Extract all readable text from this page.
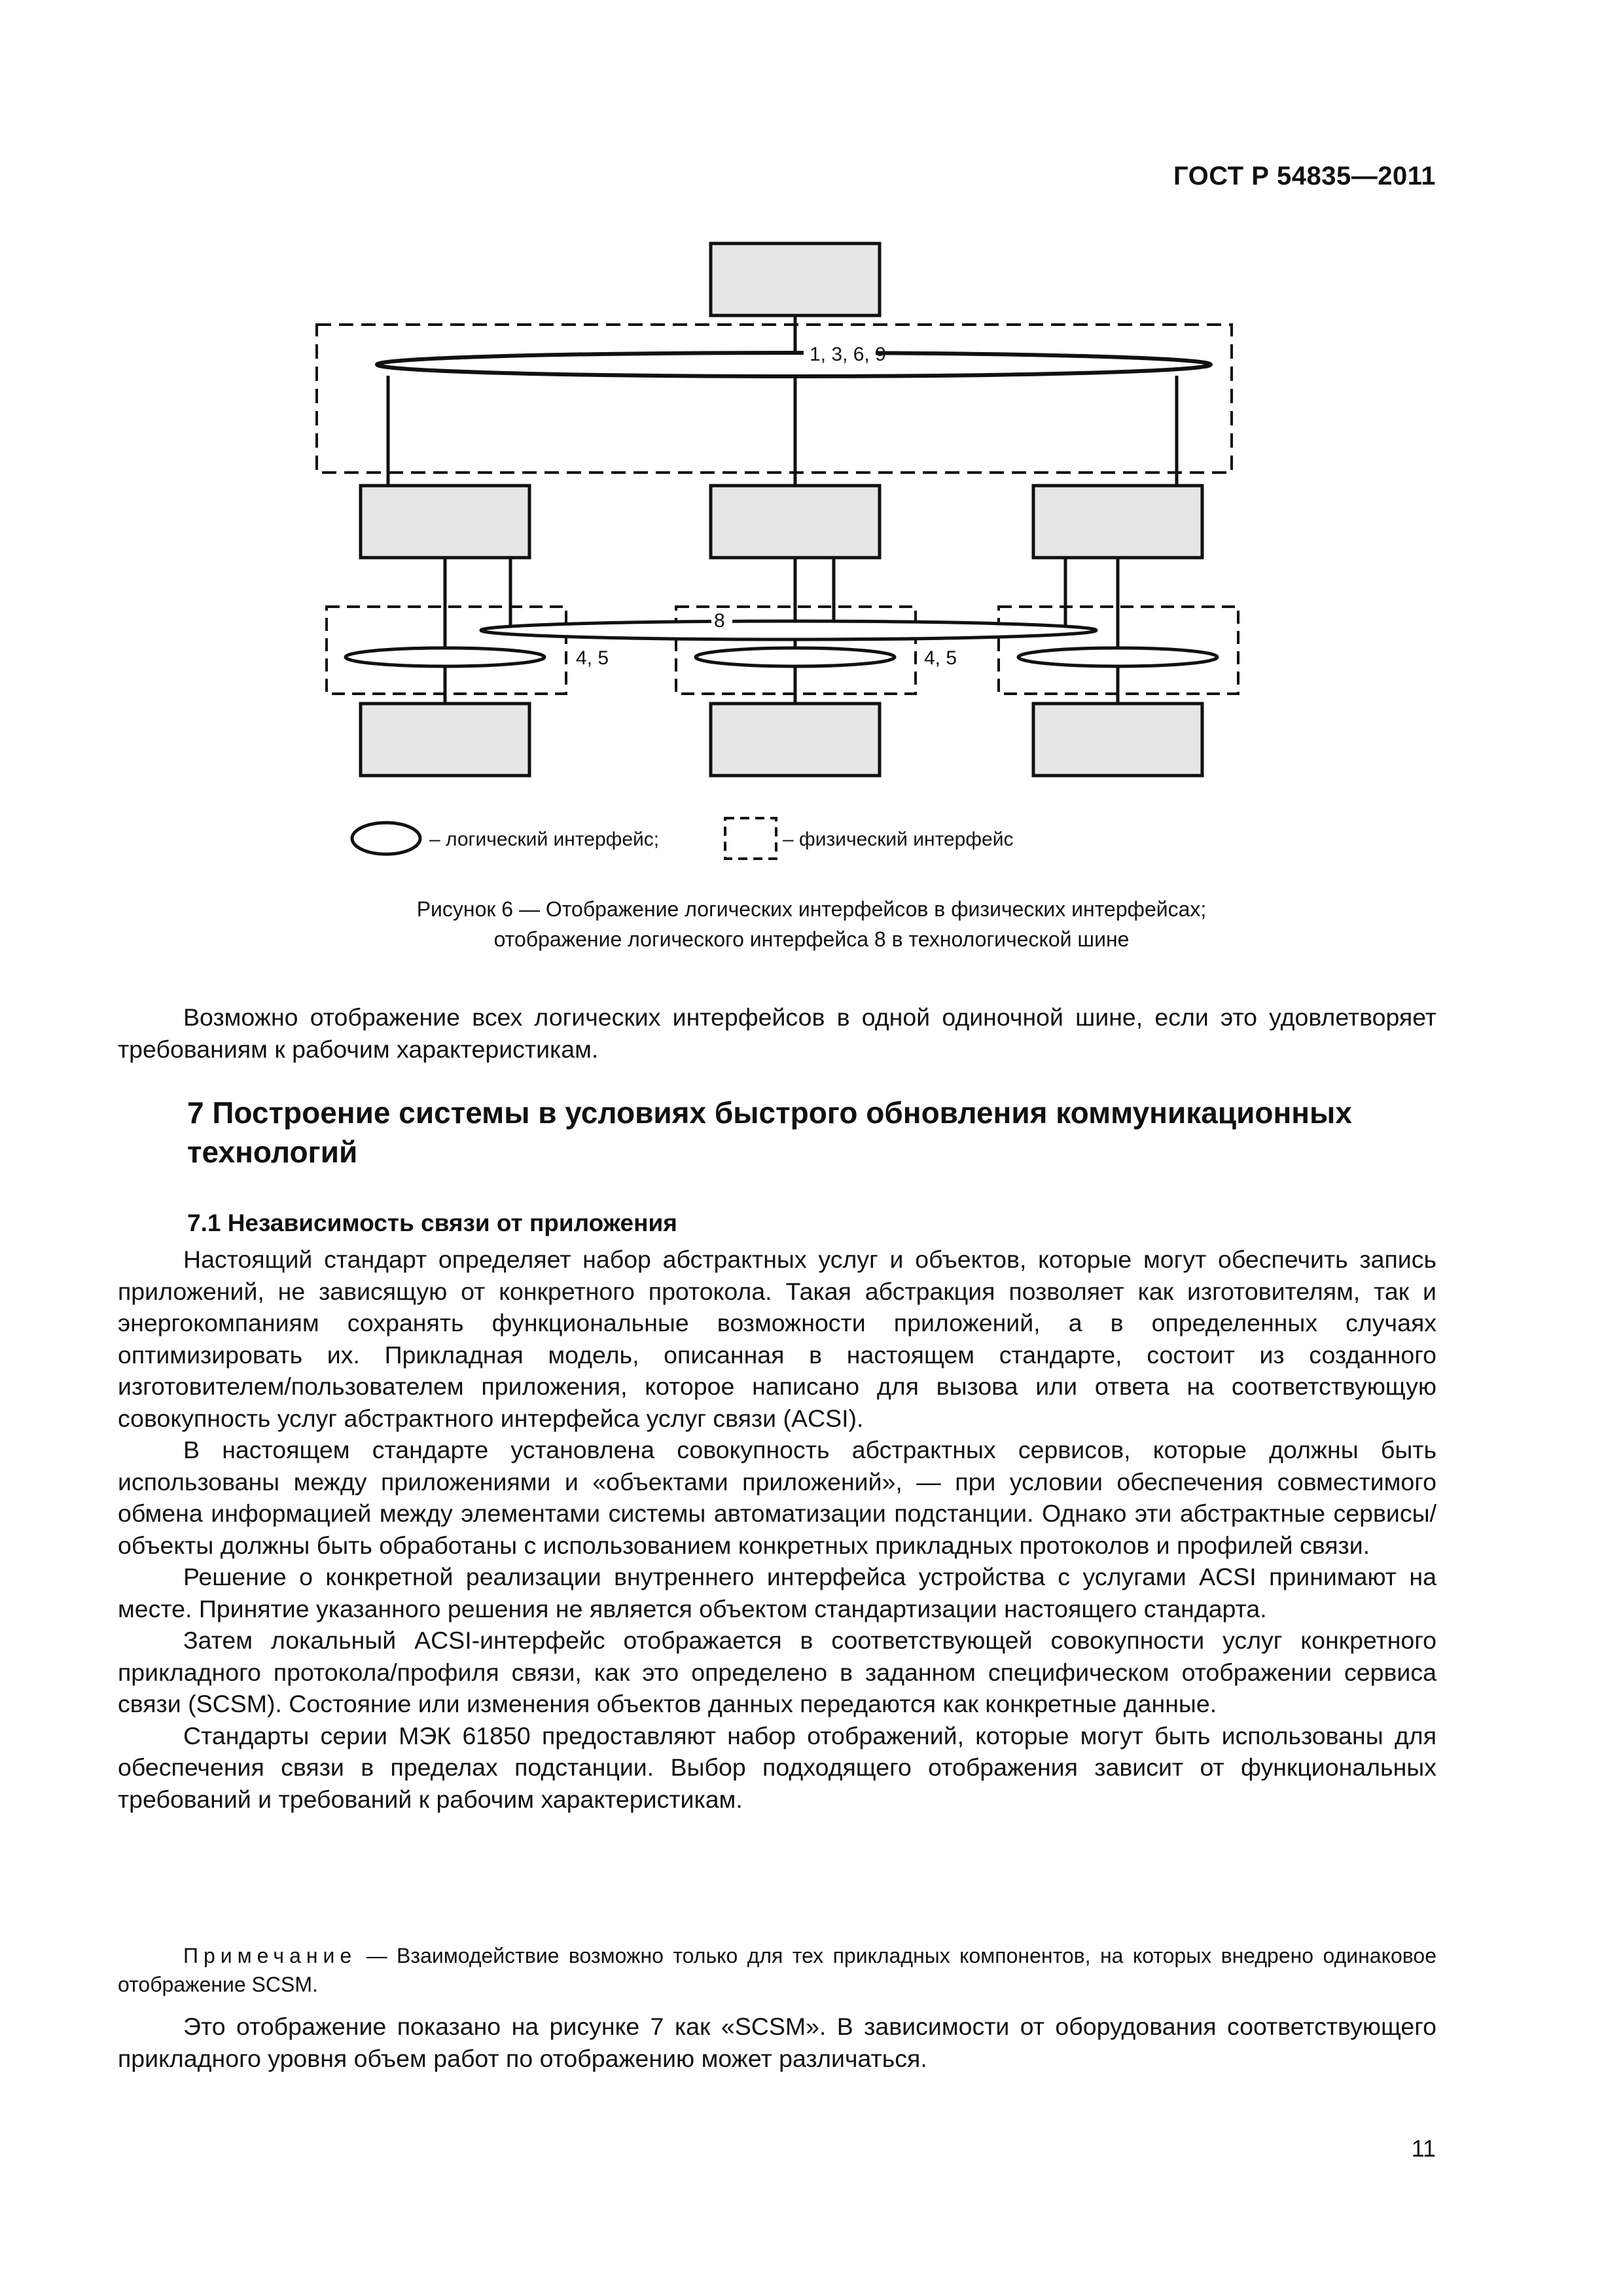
ГОСТ Р 54835—2011
1, 3, 6, 9
8
4, 5	4, 5
– логический интерфейс;	– физический интерфейс
Рисунок 6 — Отображение логических интерфейсов в физических интерфейсах;
отображение логического интерфейса 8 в технологической шине

Возможно отображение всех логических интерфейсов в одной одиночной шине, если это удовлетворяет требованиям к рабочим характеристикам.

7 Построение системы в условиях быстрого обновления коммуникационных технологий
7.1 Независимость связи от приложения

Настоящий стандарт определяет набор абстрактных услуг и объектов, которые могут обеспечить запись приложений, не зависящую от конкретного протокола. Такая абстракция позволяет как изготовителям, так и энергокомпаниям сохранять функциональные возможности приложений, а в определенных случаях оптимизировать их. Прикладная модель, описанная в настоящем стандарте, состоит из созданного изготовителем/пользователем приложения, которое написано для вызова или ответа на соответствующую совокупность услуг абстрактного интерфейса услуг связи (ACSI).

В настоящем стандарте установлена совокупность абстрактных сервисов, которые должны быть использованы между приложениями и «объектами приложений», — при условии обеспечения совместимого обмена информацией между элементами системы автоматизации подстанции. Однако эти абстрактные сервисы/объекты должны быть обработаны с использованием конкретных прикладных протоколов и профилей связи.

Решение о конкретной реализации внутреннего интерфейса устройства с услугами ACSI принимают на месте. Принятие указанного решения не является объектом стандартизации настоящего стандарта.

Затем локальный ACSI-интерфейс отображается в соответствующей совокупности услуг конкретного прикладного протокола/профиля связи, как это определено в заданном специфическом отображении сервиса связи (SCSM). Состояние или изменения объектов данных передаются как конкретные данные.

Стандарты серии МЭК 61850 предоставляют набор отображений, которые могут быть использованы для обеспечения связи в пределах подстанции. Выбор подходящего отображения зависит от функциональных требований и требований к рабочим характеристикам.

Примечание — Взаимодействие возможно только для тех прикладных компонентов, на которых внедрено одинаковое отображение SCSM.

Это отображение показано на рисунке 7 как «SCSM». В зависимости от оборудования соответствующего прикладного уровня объем работ по отображению может различаться.

11
